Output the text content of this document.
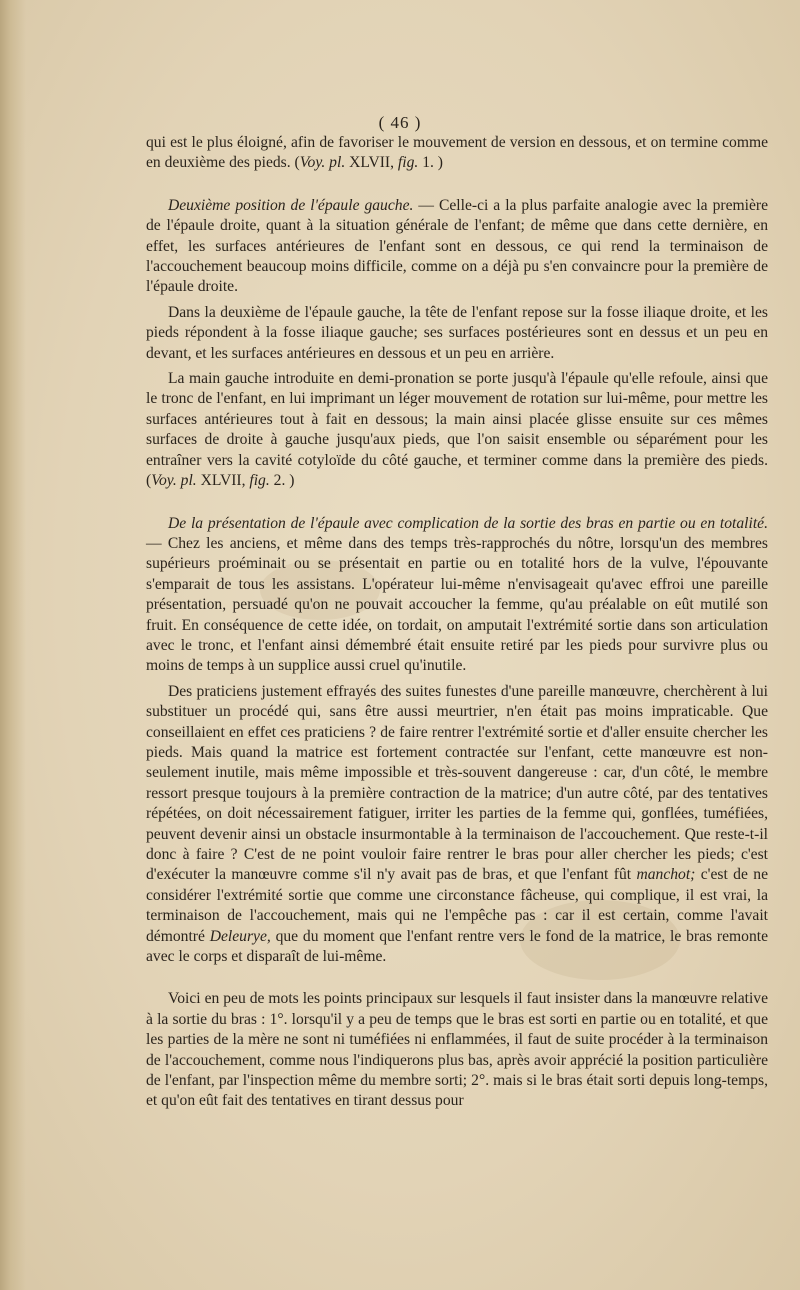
( 46 )

qui est le plus éloigné, afin de favoriser le mouvement de version en dessous, et on termine comme en deuxième des pieds. (Voy. pl. XLVII, fig. 1. )

Deuxième position de l'épaule gauche. — Celle-ci a la plus parfaite analogie avec la première de l'épaule droite, quant à la situation générale de l'enfant; de même que dans cette dernière, en effet, les surfaces antérieures de l'enfant sont en dessous, ce qui rend la terminaison de l'accouchement beaucoup moins difficile, comme on a déjà pu s'en convaincre pour la première de l'épaule droite.

Dans la deuxième de l'épaule gauche, la tête de l'enfant repose sur la fosse iliaque droite, et les pieds répondent à la fosse iliaque gauche; ses surfaces postérieures sont en dessus et un peu en devant, et les surfaces antérieures en dessous et un peu en arrière.

La main gauche introduite en demi-pronation se porte jusqu'à l'épaule qu'elle refoule, ainsi que le tronc de l'enfant, en lui imprimant un léger mouvement de rotation sur lui-même, pour mettre les surfaces antérieures tout à fait en dessous; la main ainsi placée glisse ensuite sur ces mêmes surfaces de droite à gauche jusqu'aux pieds, que l'on saisit ensemble ou séparément pour les entraîner vers la cavité cotyloïde du côté gauche, et terminer comme dans la première des pieds. (Voy. pl. XLVII, fig. 2. )

De la présentation de l'épaule avec complication de la sortie des bras en partie ou en totalité. — Chez les anciens, et même dans des temps très-rapprochés du nôtre, lorsqu'un des membres supérieurs proéminait ou se présentait en partie ou en totalité hors de la vulve, l'épouvante s'emparait de tous les assistans. L'opérateur lui-même n'envisageait qu'avec effroi une pareille présentation, persuadé qu'on ne pouvait accoucher la femme, qu'au préalable on eût mutilé son fruit. En conséquence de cette idée, on tordait, on amputait l'extrémité sortie dans son articulation avec le tronc, et l'enfant ainsi démembré était ensuite retiré par les pieds pour survivre plus ou moins de temps à un supplice aussi cruel qu'inutile.

Des praticiens justement effrayés des suites funestes d'une pareille manœuvre, cherchèrent à lui substituer un procédé qui, sans être aussi meurtrier, n'en était pas moins impraticable. Que conseillaient en effet ces praticiens ? de faire rentrer l'extrémité sortie et d'aller ensuite chercher les pieds. Mais quand la matrice est fortement contractée sur l'enfant, cette manœuvre est non-seulement inutile, mais même impossible et très-souvent dangereuse : car, d'un côté, le membre ressort presque toujours à la première contraction de la matrice; d'un autre côté, par des tentatives répétées, on doit nécessairement fatiguer, irriter les parties de la femme qui, gonflées, tuméfiées, peuvent devenir ainsi un obstacle insurmontable à la terminaison de l'accouchement. Que reste-t-il donc à faire ? C'est de ne point vouloir faire rentrer le bras pour aller chercher les pieds; c'est d'exécuter la manœuvre comme s'il n'y avait pas de bras, et que l'enfant fût manchot; c'est de ne considérer l'extrémité sortie que comme une circonstance fâcheuse, qui complique, il est vrai, la terminaison de l'accouchement, mais qui ne l'empêche pas : car il est certain, comme l'avait démontré Deleurye, que du moment que l'enfant rentre vers le fond de la matrice, le bras remonte avec le corps et disparaît de lui-même.

Voici en peu de mots les points principaux sur lesquels il faut insister dans la manœuvre relative à la sortie du bras : 1°. lorsqu'il y a peu de temps que le bras est sorti en partie ou en totalité, et que les parties de la mère ne sont ni tuméfiées ni enflammées, il faut de suite procéder à la terminaison de l'accouchement, comme nous l'indiquerons plus bas, après avoir apprécié la position particulière de l'enfant, par l'inspection même du membre sorti; 2°. mais si le bras était sorti depuis long-temps, et qu'on eût fait des tentatives en tirant dessus pour
